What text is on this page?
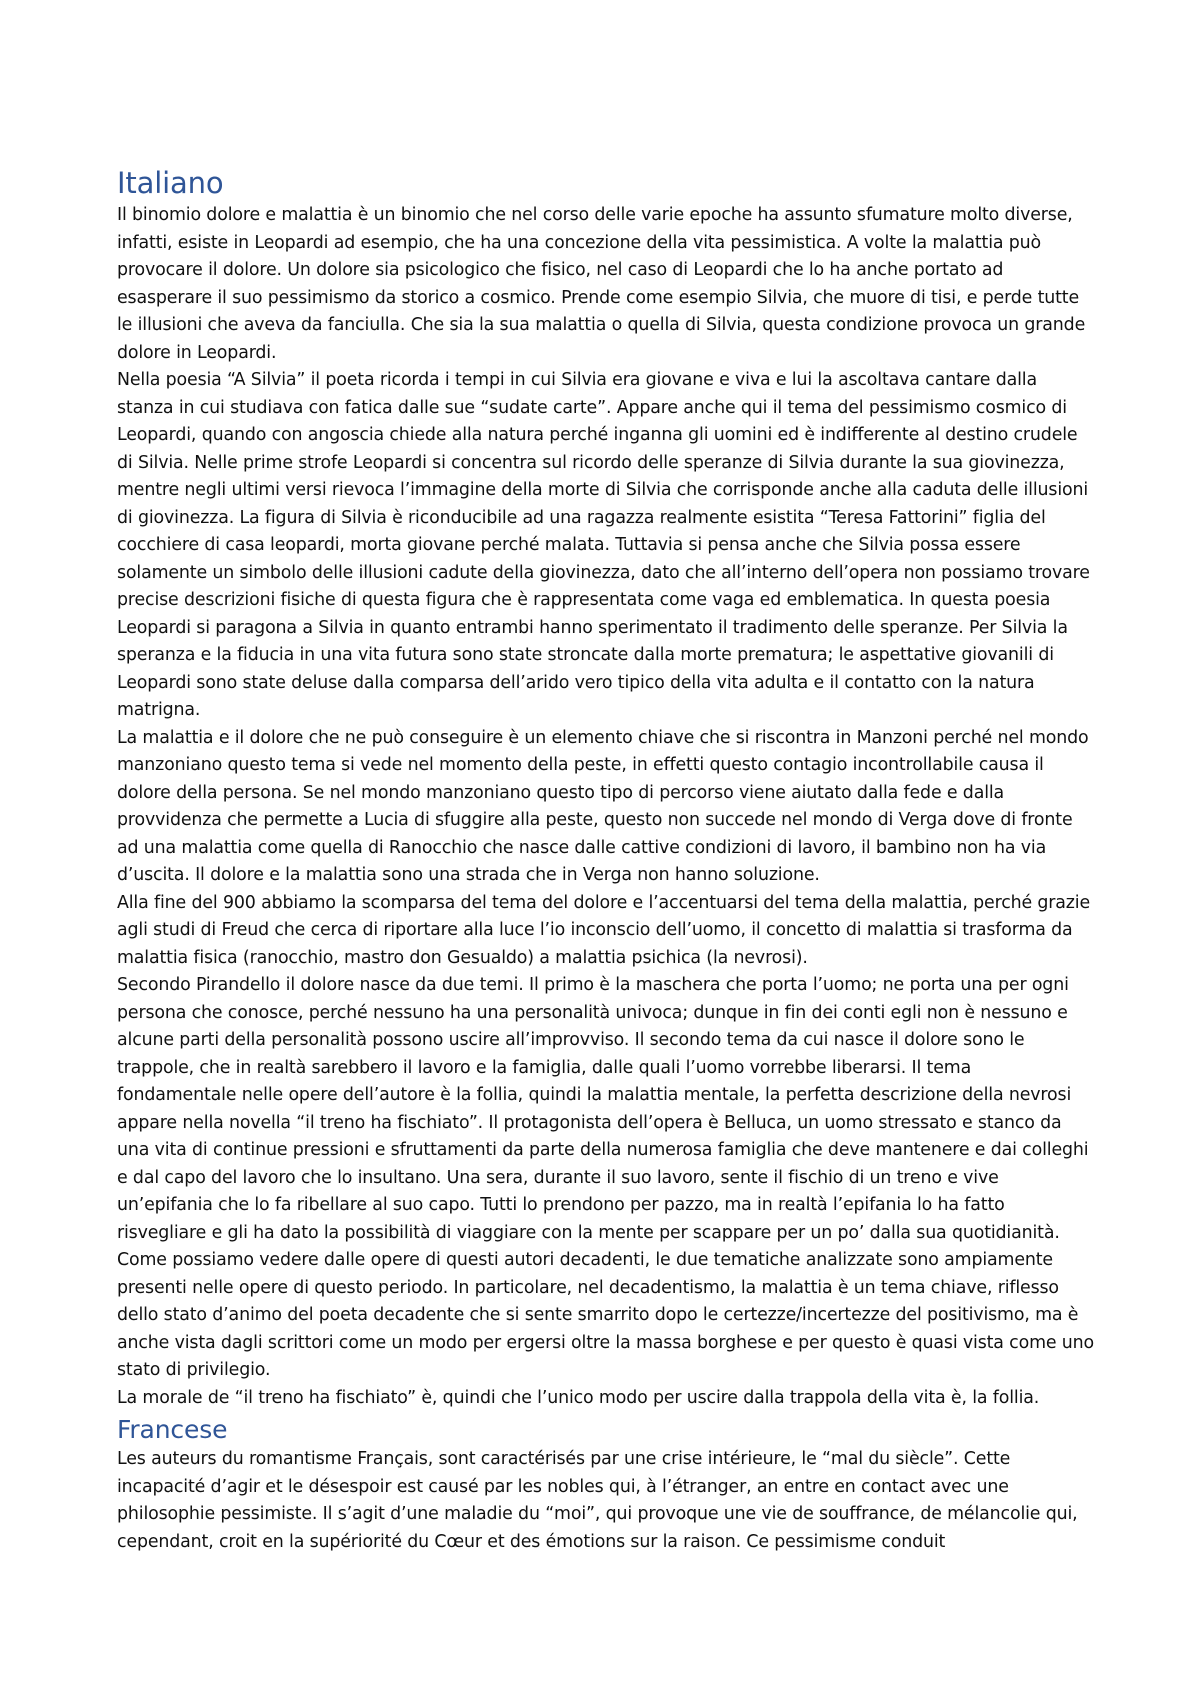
Italiano

Il binomio dolore e malattia è un binomio che nel corso delle varie epoche ha assunto sfumature molto diverse, infatti, esiste in Leopardi ad esempio, che ha una concezione della vita pessimistica. A volte la malattia può provocare il dolore. Un dolore sia psicologico che fisico, nel caso di Leopardi che lo ha anche portato ad esasperare il suo pessimismo da storico a cosmico. Prende come esempio Silvia, che muore di tisi, e perde tutte le illusioni che aveva da fanciulla. Che sia la sua malattia o quella di Silvia, questa condizione provoca un grande dolore in Leopardi.

Nella poesia “A Silvia” il poeta ricorda i tempi in cui Silvia era giovane e viva e lui la ascoltava cantare dalla stanza in cui studiava con fatica dalle sue “sudate carte”. Appare anche qui il tema del pessimismo cosmico di Leopardi, quando con angoscia chiede alla natura perché inganna gli uomini ed è indifferente al destino crudele di Silvia. Nelle prime strofe Leopardi si concentra sul ricordo delle speranze di Silvia durante la sua giovinezza, mentre negli ultimi versi rievoca l’immagine della morte di Silvia che corrisponde anche alla caduta delle illusioni di giovinezza. La figura di Silvia è riconducibile ad una ragazza realmente esistita “Teresa Fattorini” figlia del cocchiere di casa leopardi, morta giovane perché malata. Tuttavia si pensa anche che Silvia possa essere solamente un simbolo delle illusioni cadute della giovinezza, dato che all’interno dell’opera non possiamo trovare precise descrizioni fisiche di questa figura che è rappresentata come vaga ed emblematica. In questa poesia Leopardi si paragona a Silvia in quanto entrambi hanno sperimentato il tradimento delle speranze. Per Silvia la speranza e la fiducia in una vita futura sono state stroncate dalla morte prematura; le aspettative giovanili di Leopardi sono state deluse dalla comparsa dell’arido vero tipico della vita adulta e il contatto con la natura matrigna.

La malattia e il dolore che ne può conseguire è un elemento chiave che si riscontra in Manzoni perché nel mondo manzoniano questo tema si vede nel momento della peste, in effetti questo contagio incontrollabile causa il dolore della persona. Se nel mondo manzoniano questo tipo di percorso viene aiutato dalla fede e dalla provvidenza che permette a Lucia di sfuggire alla peste, questo non succede nel mondo di Verga dove di fronte ad una malattia come quella di Ranocchio che nasce dalle cattive condizioni di lavoro, il bambino non ha via d’uscita. Il dolore e la malattia sono una strada che in Verga non hanno soluzione.

Alla fine del 900 abbiamo la scomparsa del tema del dolore e l’accentuarsi del tema della malattia, perché grazie agli studi di Freud che cerca di riportare alla luce l’io inconscio dell’uomo, il concetto di malattia si trasforma da malattia fisica (ranocchio, mastro don Gesualdo) a malattia psichica (la nevrosi).

Secondo Pirandello il dolore nasce da due temi. Il primo è la maschera che porta l’uomo; ne porta una per ogni persona che conosce, perché nessuno ha una personalità univoca; dunque in fin dei conti egli non è nessuno e alcune parti della personalità possono uscire all’improvviso. Il secondo tema da cui nasce il dolore sono le trappole, che in realtà sarebbero il lavoro e la famiglia, dalle quali l’uomo vorrebbe liberarsi. Il tema fondamentale nelle opere dell’autore è la follia, quindi la malattia mentale, la perfetta descrizione della nevrosi appare nella novella “il treno ha fischiato”. Il protagonista dell’opera è Belluca, un uomo stressato e stanco da una vita di continue pressioni e sfruttamenti da parte della numerosa famiglia che deve mantenere e dai colleghi e dal capo del lavoro che lo insultano. Una sera, durante il suo lavoro, sente il fischio di un treno e vive un’epifania che lo fa ribellare al suo capo. Tutti lo prendono per pazzo, ma in realtà l’epifania lo ha fatto risvegliare e gli ha dato la possibilità di viaggiare con la mente per scappare per un po’ dalla sua quotidianità.

Come possiamo vedere dalle opere di questi autori decadenti, le due tematiche analizzate sono ampiamente presenti nelle opere di questo periodo. In particolare, nel decadentismo, la malattia è un tema chiave, riflesso dello stato d’animo del poeta decadente che si sente smarrito dopo le certezze/incertezze del positivismo, ma è anche vista dagli scrittori come un modo per ergersi oltre la massa borghese e per questo è quasi vista come uno stato di privilegio.

La morale de “il treno ha fischiato” è, quindi che l’unico modo per uscire dalla trappola della vita è, la follia.

Francese

Les auteurs du romantisme Français, sont caractérisés par une crise intérieure, le “mal du siècle”. Cette incapacité d’agir et le désespoir est causé par les nobles qui, à l’étranger, an entre en contact avec une philosophie pessimiste. Il s’agit d’une maladie du “moi”, qui provoque une vie de souffrance, de mélancolie qui, cependant, croit en la supériorité du Cœur et des émotions sur la raison. Ce pessimisme conduit
